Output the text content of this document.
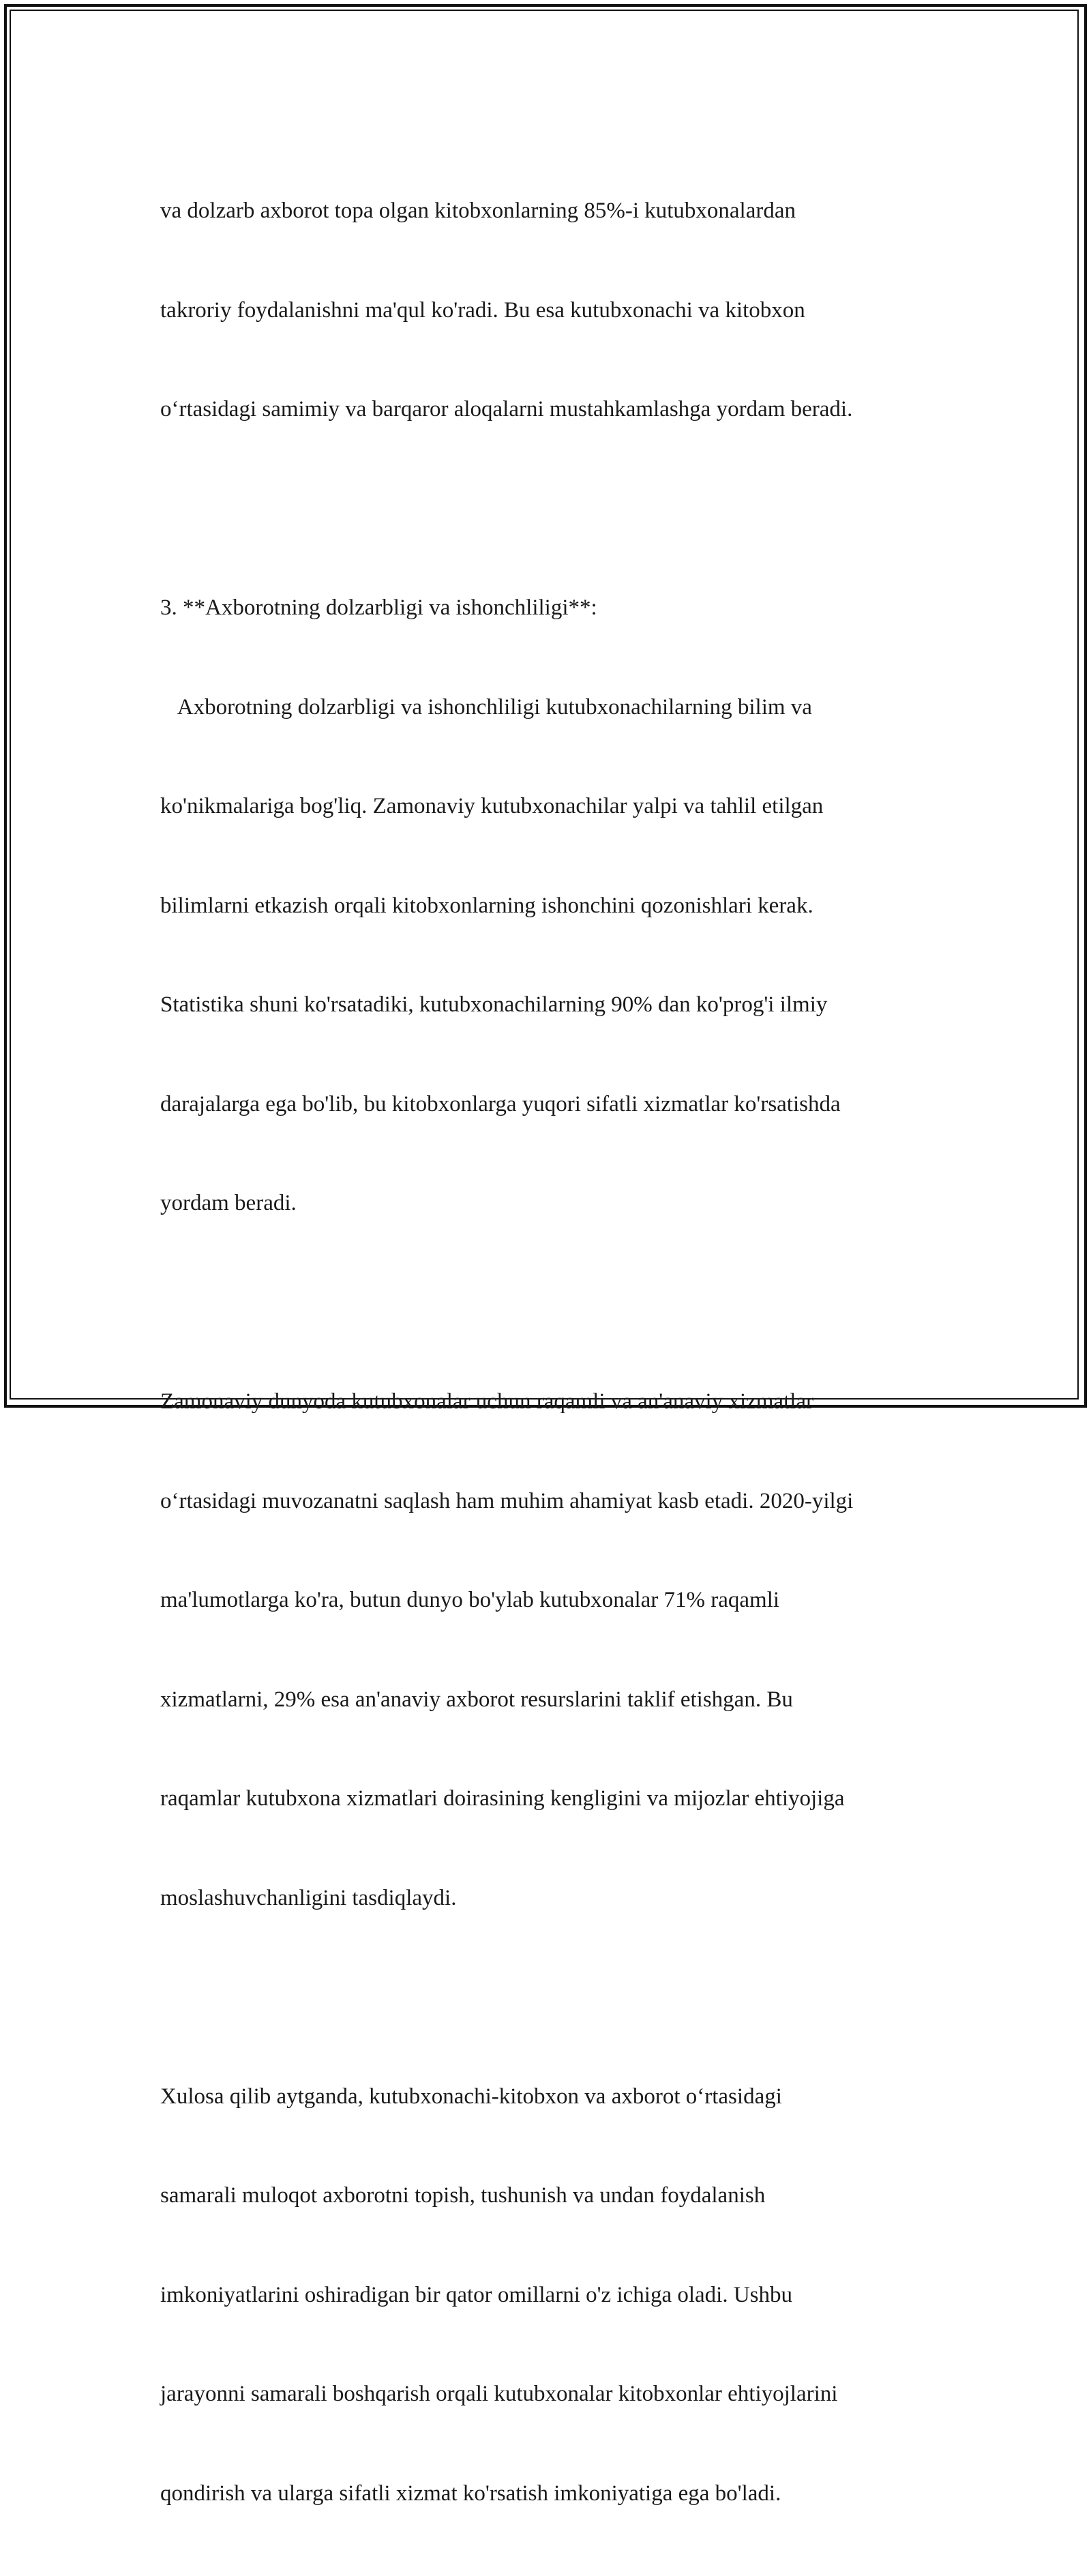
va dolzarb axborot topa olgan kitobxonlarning 85%-i kutubxonalardan

takroriy foydalanishni ma'qul ko'radi. Bu esa kutubxonachi va kitobxon

o‘rtasidagi samimiy va barqaror aloqalarni mustahkamlashga yordam beradi.

3. **Axborotning dolzarbligi va ishonchliligi**:

Axborotning dolzarbligi va ishonchliligi kutubxonachilarning bilim va

ko'nikmalariga bog'liq. Zamonaviy kutubxonachilar yalpi va tahlil etilgan

bilimlarni etkazish orqali kitobxonlarning ishonchini qozonishlari kerak.

Statistika shuni ko'rsatadiki, kutubxonachilarning 90% dan ko'prog'i ilmiy

darajalarga ega bo'lib, bu kitobxonlarga yuqori sifatli xizmatlar ko'rsatishda

yordam beradi.

Zamonaviy dunyoda kutubxonalar uchun raqamli va an'anaviy xizmatlar

o‘rtasidagi muvozanatni saqlash ham muhim ahamiyat kasb etadi. 2020-yilgi

ma'lumotlarga ko'ra, butun dunyo bo'ylab kutubxonalar 71% raqamli

xizmatlarni, 29% esa an'anaviy axborot resurslarini taklif etishgan. Bu

raqamlar kutubxona xizmatlari doirasining kengligini va mijozlar ehtiyojiga

moslashuvchanligini tasdiqlaydi.

Xulosa qilib aytganda, kutubxonachi-kitobxon va axborot o‘rtasidagi

samarali muloqot axborotni topish, tushunish va undan foydalanish

imkoniyatlarini oshiradigan bir qator omillarni o'z ichiga oladi. Ushbu

jarayonni samarali boshqarish orqali kutubxonalar kitobxonlar ehtiyojlarini

qondirish va ularga sifatli xizmat ko'rsatish imkoniyatiga ega bo'ladi.
